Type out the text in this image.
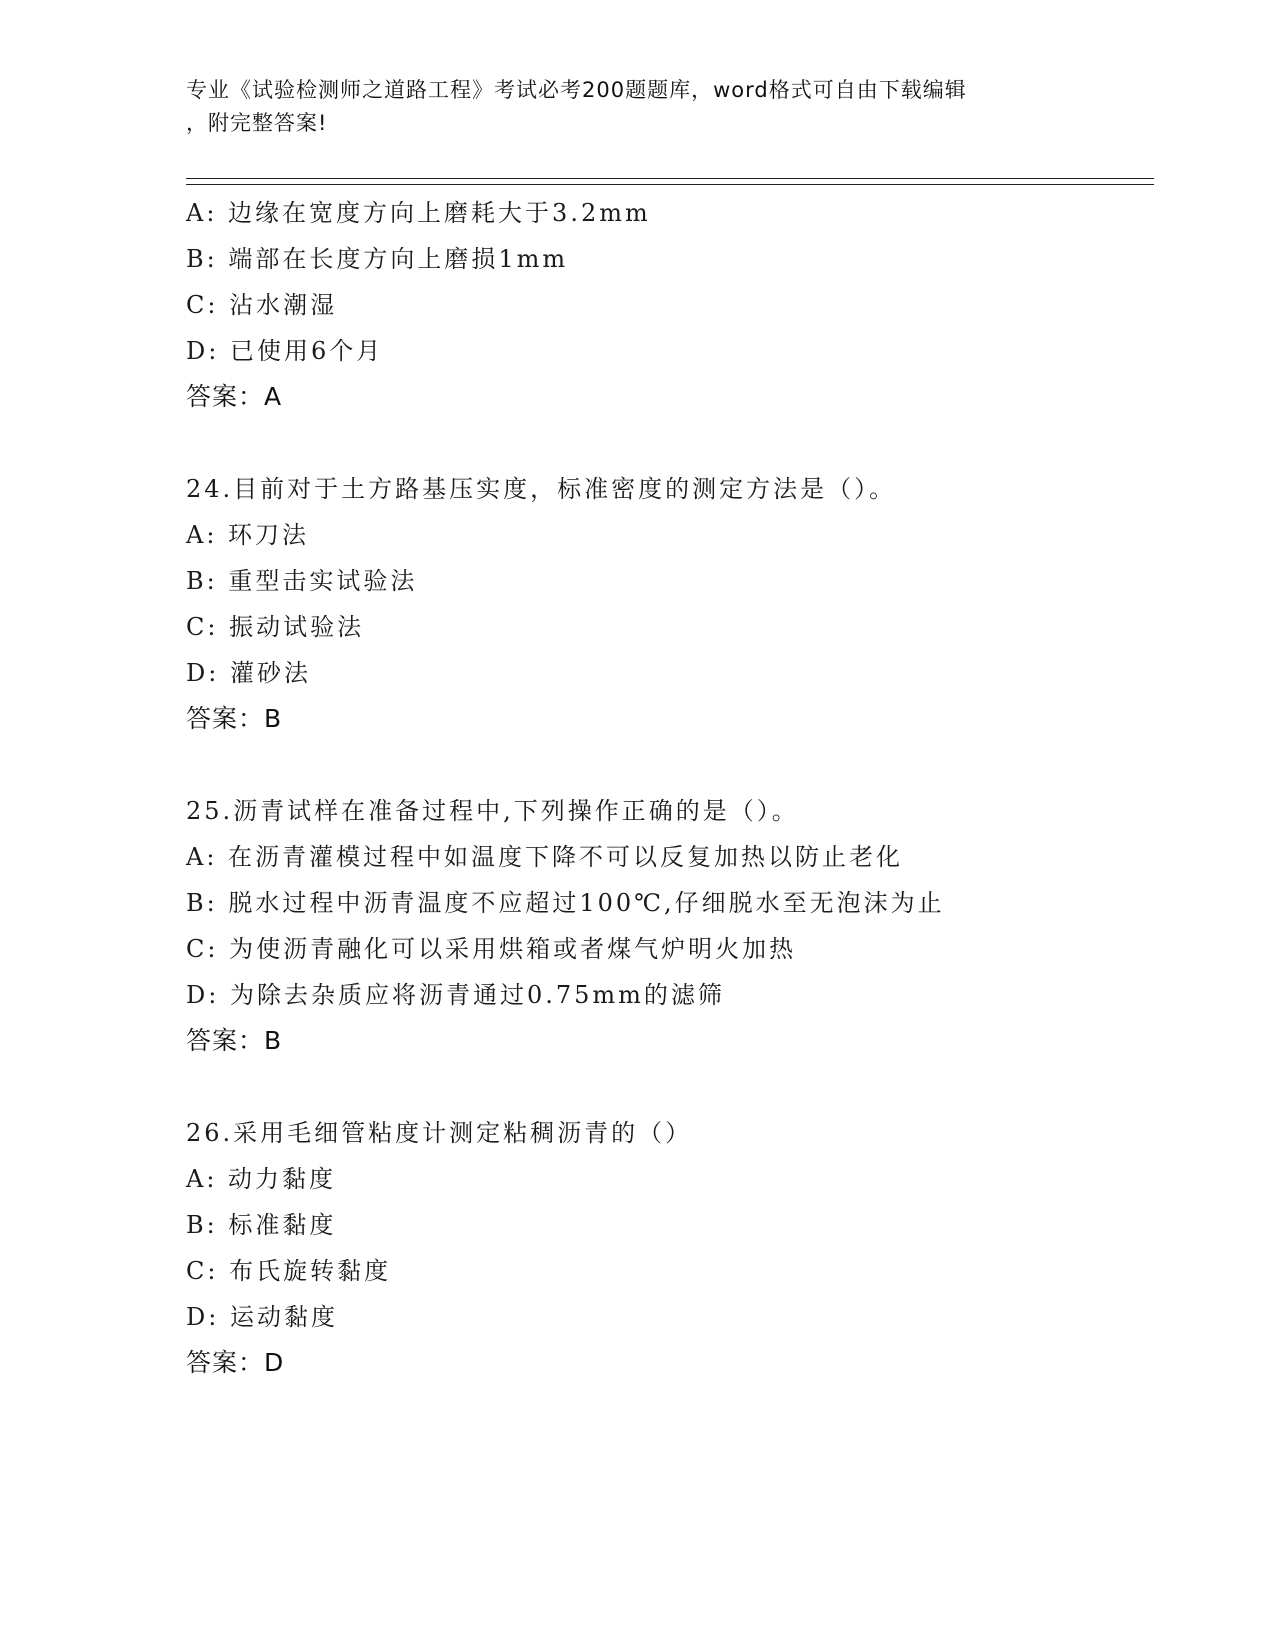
专业《试验检测师之道路工程》考试必考200题题库，word格式可自由下载编辑
，附完整答案!
A: 边缘在宽度方向上磨耗大于3.2mm
B: 端部在长度方向上磨损1mm
C: 沾水潮湿
D: 已使用6个月
答案：A
24.目前对于土方路基压实度，标准密度的测定方法是（）。
A: 环刀法
B: 重型击实试验法
C: 振动试验法
D: 灌砂法
答案：B
25.沥青试样在准备过程中,下列操作正确的是（）。
A: 在沥青灌模过程中如温度下降不可以反复加热以防止老化
B: 脱水过程中沥青温度不应超过100℃,仔细脱水至无泡沫为止
C: 为使沥青融化可以采用烘箱或者煤气炉明火加热
D: 为除去杂质应将沥青通过0.75mm的滤筛
答案：B
26.采用毛细管粘度计测定粘稠沥青的（）
A: 动力黏度
B: 标准黏度
C: 布氏旋转黏度
D: 运动黏度
答案：D
